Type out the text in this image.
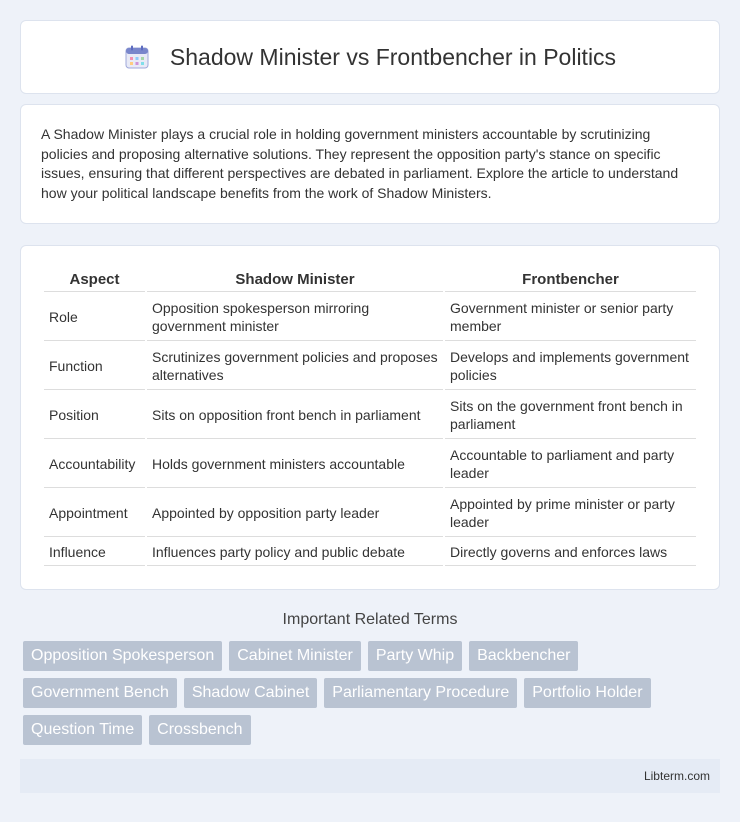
Shadow Minister vs Frontbencher in Politics
A Shadow Minister plays a crucial role in holding government ministers accountable by scrutinizing policies and proposing alternative solutions. They represent the opposition party's stance on specific issues, ensuring that different perspectives are debated in parliament. Explore the article to understand how your political landscape benefits from the work of Shadow Ministers.
Aspect	Shadow Minister	Frontbencher
Role	Opposition spokesperson mirroring government minister	Government minister or senior party member
Function	Scrutinizes government policies and proposes alternatives	Develops and implements government policies
Position	Sits on opposition front bench in parliament	Sits on the government front bench in parliament
Accountability	Holds government ministers accountable	Accountable to parliament and party leader
Appointment	Appointed by opposition party leader	Appointed by prime minister or party leader
Influence	Influences party policy and public debate	Directly governs and enforces laws
Important Related Terms
Opposition Spokesperson	Cabinet Minister	Party Whip	Backbencher
Government Bench	Shadow Cabinet	Parliamentary Procedure	Portfolio Holder
Question Time	Crossbench
Libterm.com
